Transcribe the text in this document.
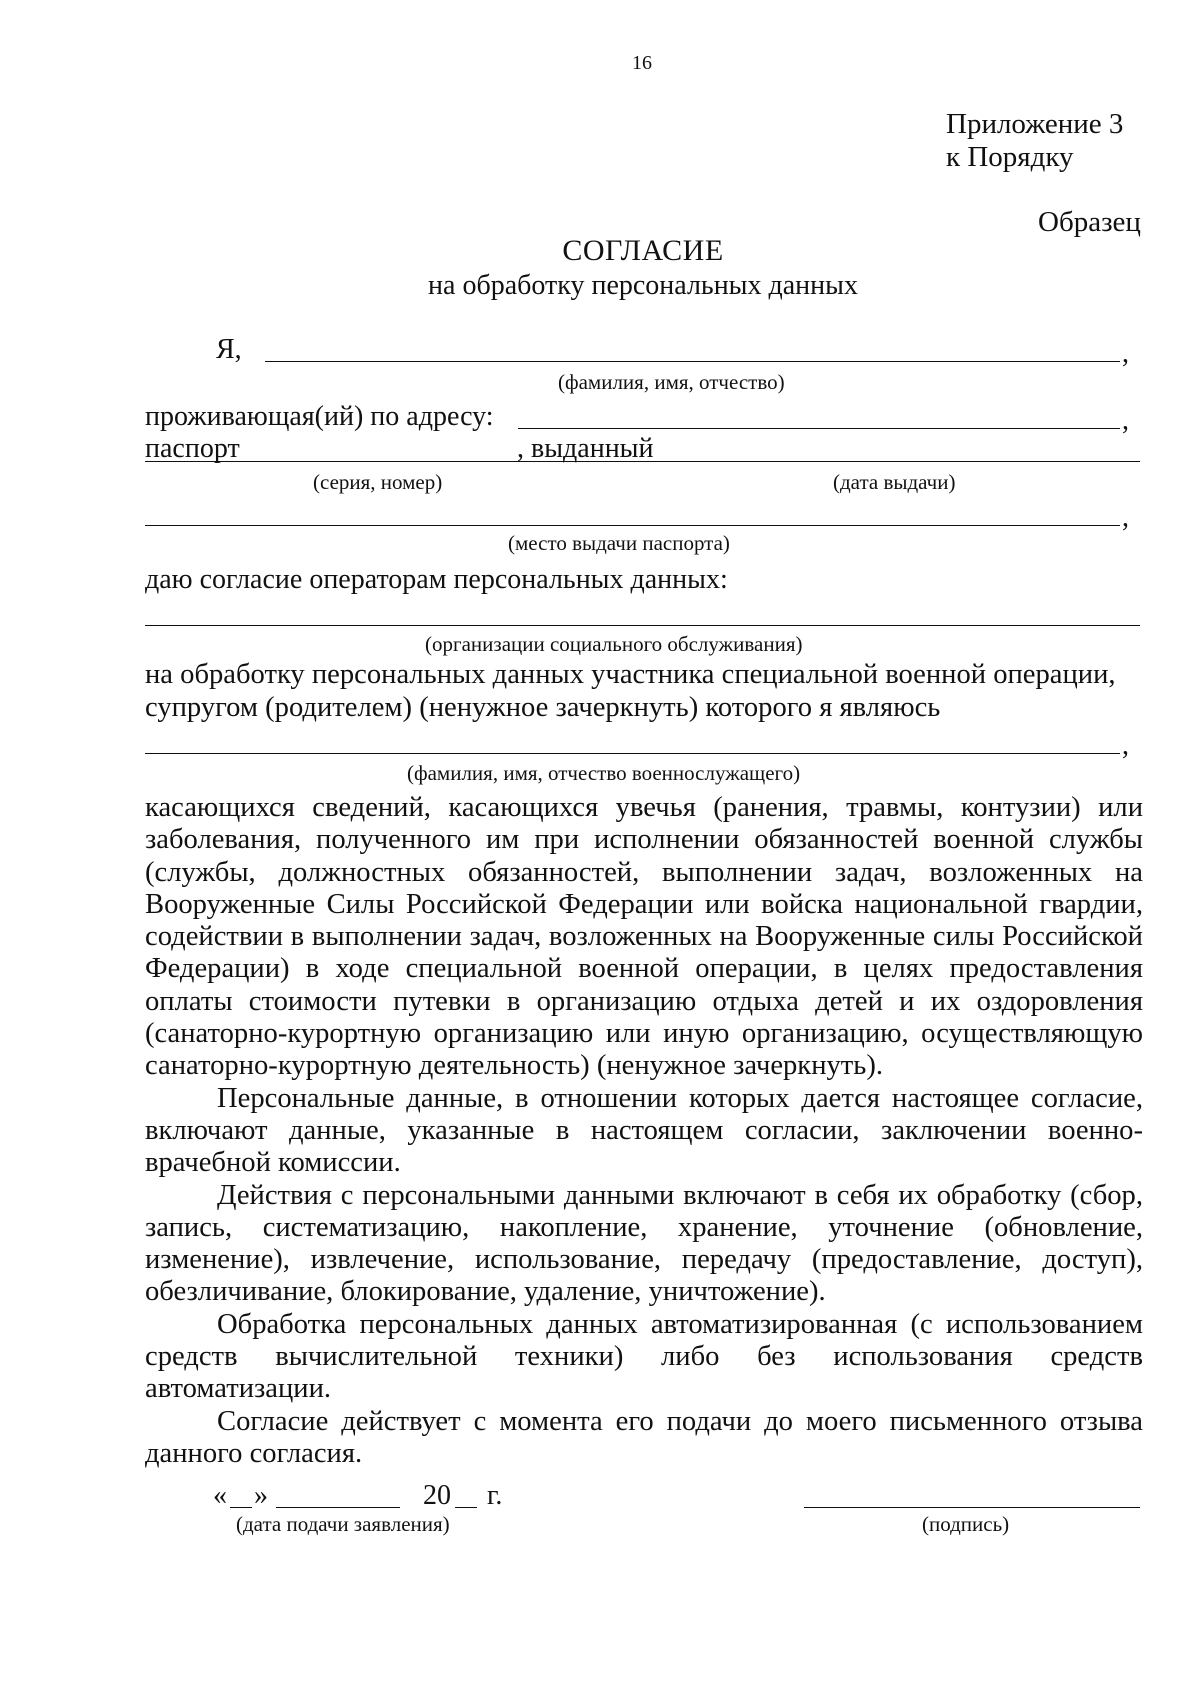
16
Приложение 3
к Порядку
Образец
СОГЛАСИЕ
на обработку персональных данных
Я,	,
(фамилия, имя, отчество)
проживающая(ий) по адресу:	,
паспорт	, выданный
(серия, номер)	(дата выдачи)
,
(место выдачи паспорта)
даю согласие операторам персональных данных:
(организации социального обслуживания)
на обработку персональных данных участника специальной военной операции,
супругом (родителем) (ненужное зачеркнуть) которого я являюсь
,
(фамилия, имя, отчество военнослужащего)

касающихся сведений, касающихся увечья (ранения, травмы, контузии) или заболевания, полученного им при исполнении обязанностей военной службы (службы, должностных обязанностей, выполнении задач, возложенных на Вооруженные Силы Российской Федерации или войска национальной гвардии, содействии в выполнении задач, возложенных на Вооруженные силы Российской Федерации) в ходе специальной военной операции, в целях предоставления оплаты стоимости путевки в организацию отдыха детей и их оздоровления (санаторно-курортную организацию или иную организацию, осуществляющую санаторно-курортную деятельность) (ненужное зачеркнуть).

Персональные данные, в отношении которых дается настоящее согласие, включают данные, указанные в настоящем согласии, заключении военно-врачебной комиссии.

Действия с персональными данными включают в себя их обработку (сбор, запись, систематизацию, накопление, хранение, уточнение (обновление, изменение), извлечение, использование, передачу (предоставление, доступ), обезличивание, блокирование, удаление, уничтожение).

Обработка персональных данных автоматизированная (с использованием средств вычислительной техники) либо без использования средств автоматизации.

Согласие действует с момента его подачи до моего письменного отзыва данного согласия.

« »	20 г.
(дата подачи заявления)	(подпись)
